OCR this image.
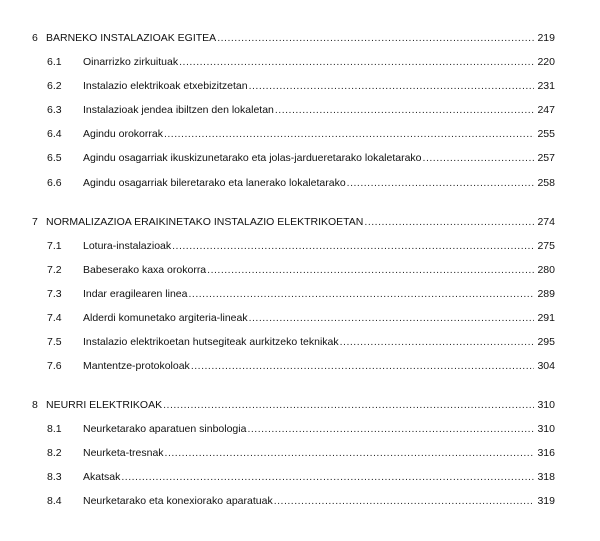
6 BARNEKO INSTALAZIOAK EGITEA .....	219
6.1 Oinarrizko zirkuituak .....	220
6.2 Instalazio elektrikoak etxebizitzetan .....	231
6.3 Instalazioak jendea ibiltzen den lokaletan .....	247
6.4 Agindu orokorrak .....	255
6.5 Agindu osagarriak ikuskizunetarako eta jolas-jardueretarako lokaletarako .....	257
6.6 Agindu osagarriak bileretarako eta lanerako lokaletarako .....	258
7 NORMALIZAZIOA ERAIKINETAKO INSTALAZIO ELEKTRIKOETAN .....	274
7.1 Lotura-instalazioak .....	275
7.2 Babeserako kaxa orokorra .....	280
7.3 Indar eragilearen linea .....	289
7.4 Alderdi komunetako argiteria-lineak .....	291
7.5 Instalazio elektrikoetan hutsegiteak aurkitzeko teknikak .....	295
7.6 Mantentze-protokoloak .....	304
8 NEURRI ELEKTRIKOAK .....	310
8.1 Neurketarako aparatuen sinbologia .....	310
8.2 Neurketa-tresnak .....	316
8.3 Akatsak .....	318
8.4 Neurketarako eta konexiorako aparatuak .....	319
